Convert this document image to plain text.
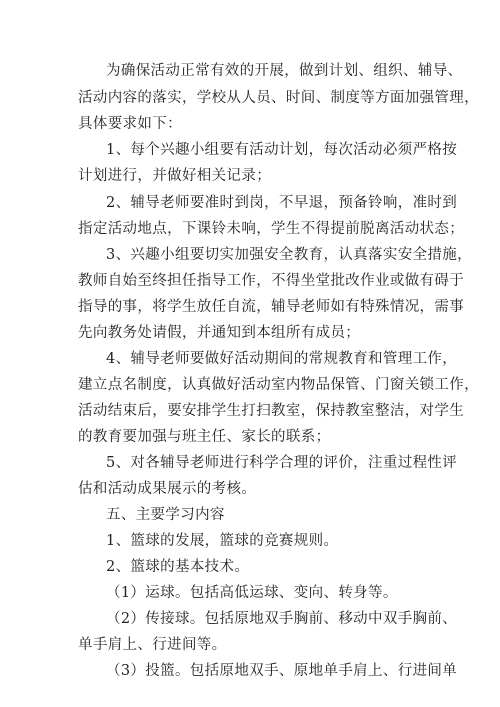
为确保活动正常有效的开展，做到计划、组织、辅导、
活动内容的落实，学校从人员、时间、制度等方面加强管理，
具体要求如下：
1、每个兴趣小组要有活动计划，每次活动必须严格按
计划进行，并做好相关记录；
2、辅导老师要准时到岗，不早退，预备铃响，准时到
指定活动地点，下课铃未响，学生不得提前脱离活动状态；
3、兴趣小组要切实加强安全教育，认真落实安全措施，
教师自始至终担任指导工作，不得坐堂批改作业或做有碍于
指导的事，将学生放任自流，辅导老师如有特殊情况，需事
先向教务处请假，并通知到本组所有成员；
4、辅导老师要做好活动期间的常规教育和管理工作，
建立点名制度，认真做好活动室内物品保管、门窗关锁工作，
活动结束后，要安排学生打扫教室，保持教室整洁，对学生
的教育要加强与班主任、家长的联系；
5、对各辅导老师进行科学合理的评价，注重过程性评
估和活动成果展示的考核。
五、主要学习内容
1、篮球的发展，篮球的竞赛规则。
2、篮球的基本技术。
（1）运球。包括高低运球、变向、转身等。
（2）传接球。包括原地双手胸前、移动中双手胸前、
单手肩上、行进间等。
（3）投篮。包括原地双手、原地单手肩上、行进间单
